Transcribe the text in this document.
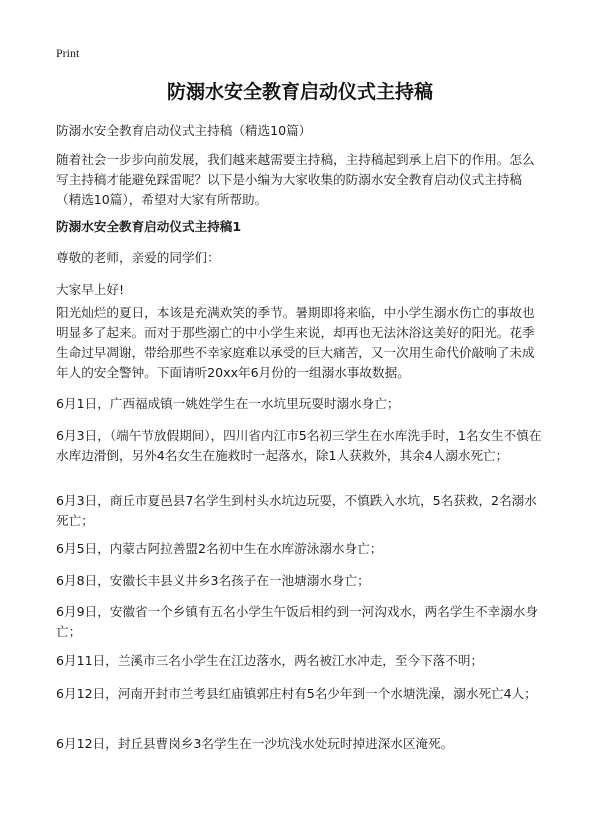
Print
防溺水安全教育启动仪式主持稿

防溺水安全教育启动仪式主持稿（精选10篇）

随着社会一步步向前发展，我们越来越需要主持稿，主持稿起到承上启下的作用。怎么写主持稿才能避免踩雷呢？以下是小编为大家收集的防溺水安全教育启动仪式主持稿（精选10篇），希望对大家有所帮助。

防溺水安全教育启动仪式主持稿1

尊敬的老师，亲爱的同学们：

大家早上好!

阳光灿烂的夏日，本该是充满欢笑的季节。暑期即将来临，中小学生溺水伤亡的事故也明显多了起来。而对于那些溺亡的中小学生来说，却再也无法沐浴这美好的阳光。花季生命过早凋谢，带给那些不幸家庭难以承受的巨大痛苦，又一次用生命代价敲响了未成年人的安全警钟。下面请听20xx年6月份的一组溺水事故数据。

6月1日，广西福成镇一姚姓学生在一水坑里玩耍时溺水身亡；

6月3日，（端午节放假期间），四川省内江市5名初三学生在水库洗手时，1名女生不慎在水库边滑倒，另外4名女生在施救时一起落水，除1人获救外，其余4人溺水死亡；

6月3日，商丘市夏邑县7名学生到村头水坑边玩耍，不慎跌入水坑，5名获救，2名溺水死亡；

6月5日，内蒙古阿拉善盟2名初中生在水库游泳溺水身亡；

6月8日，安徽长丰县义井乡3名孩子在一池塘溺水身亡；

6月9日，安徽省一个乡镇有五名小学生午饭后相约到一河沟戏水，两名学生不幸溺水身亡；

6月11日，兰溪市三名小学生在江边落水，两名被江水冲走，至今下落不明；

6月12日，河南开封市兰考县红庙镇郭庄村有5名少年到一个水塘洗澡，溺水死亡4人；

6月12日，封丘县曹岗乡3名学生在一沙坑浅水处玩时掉进深水区淹死。
